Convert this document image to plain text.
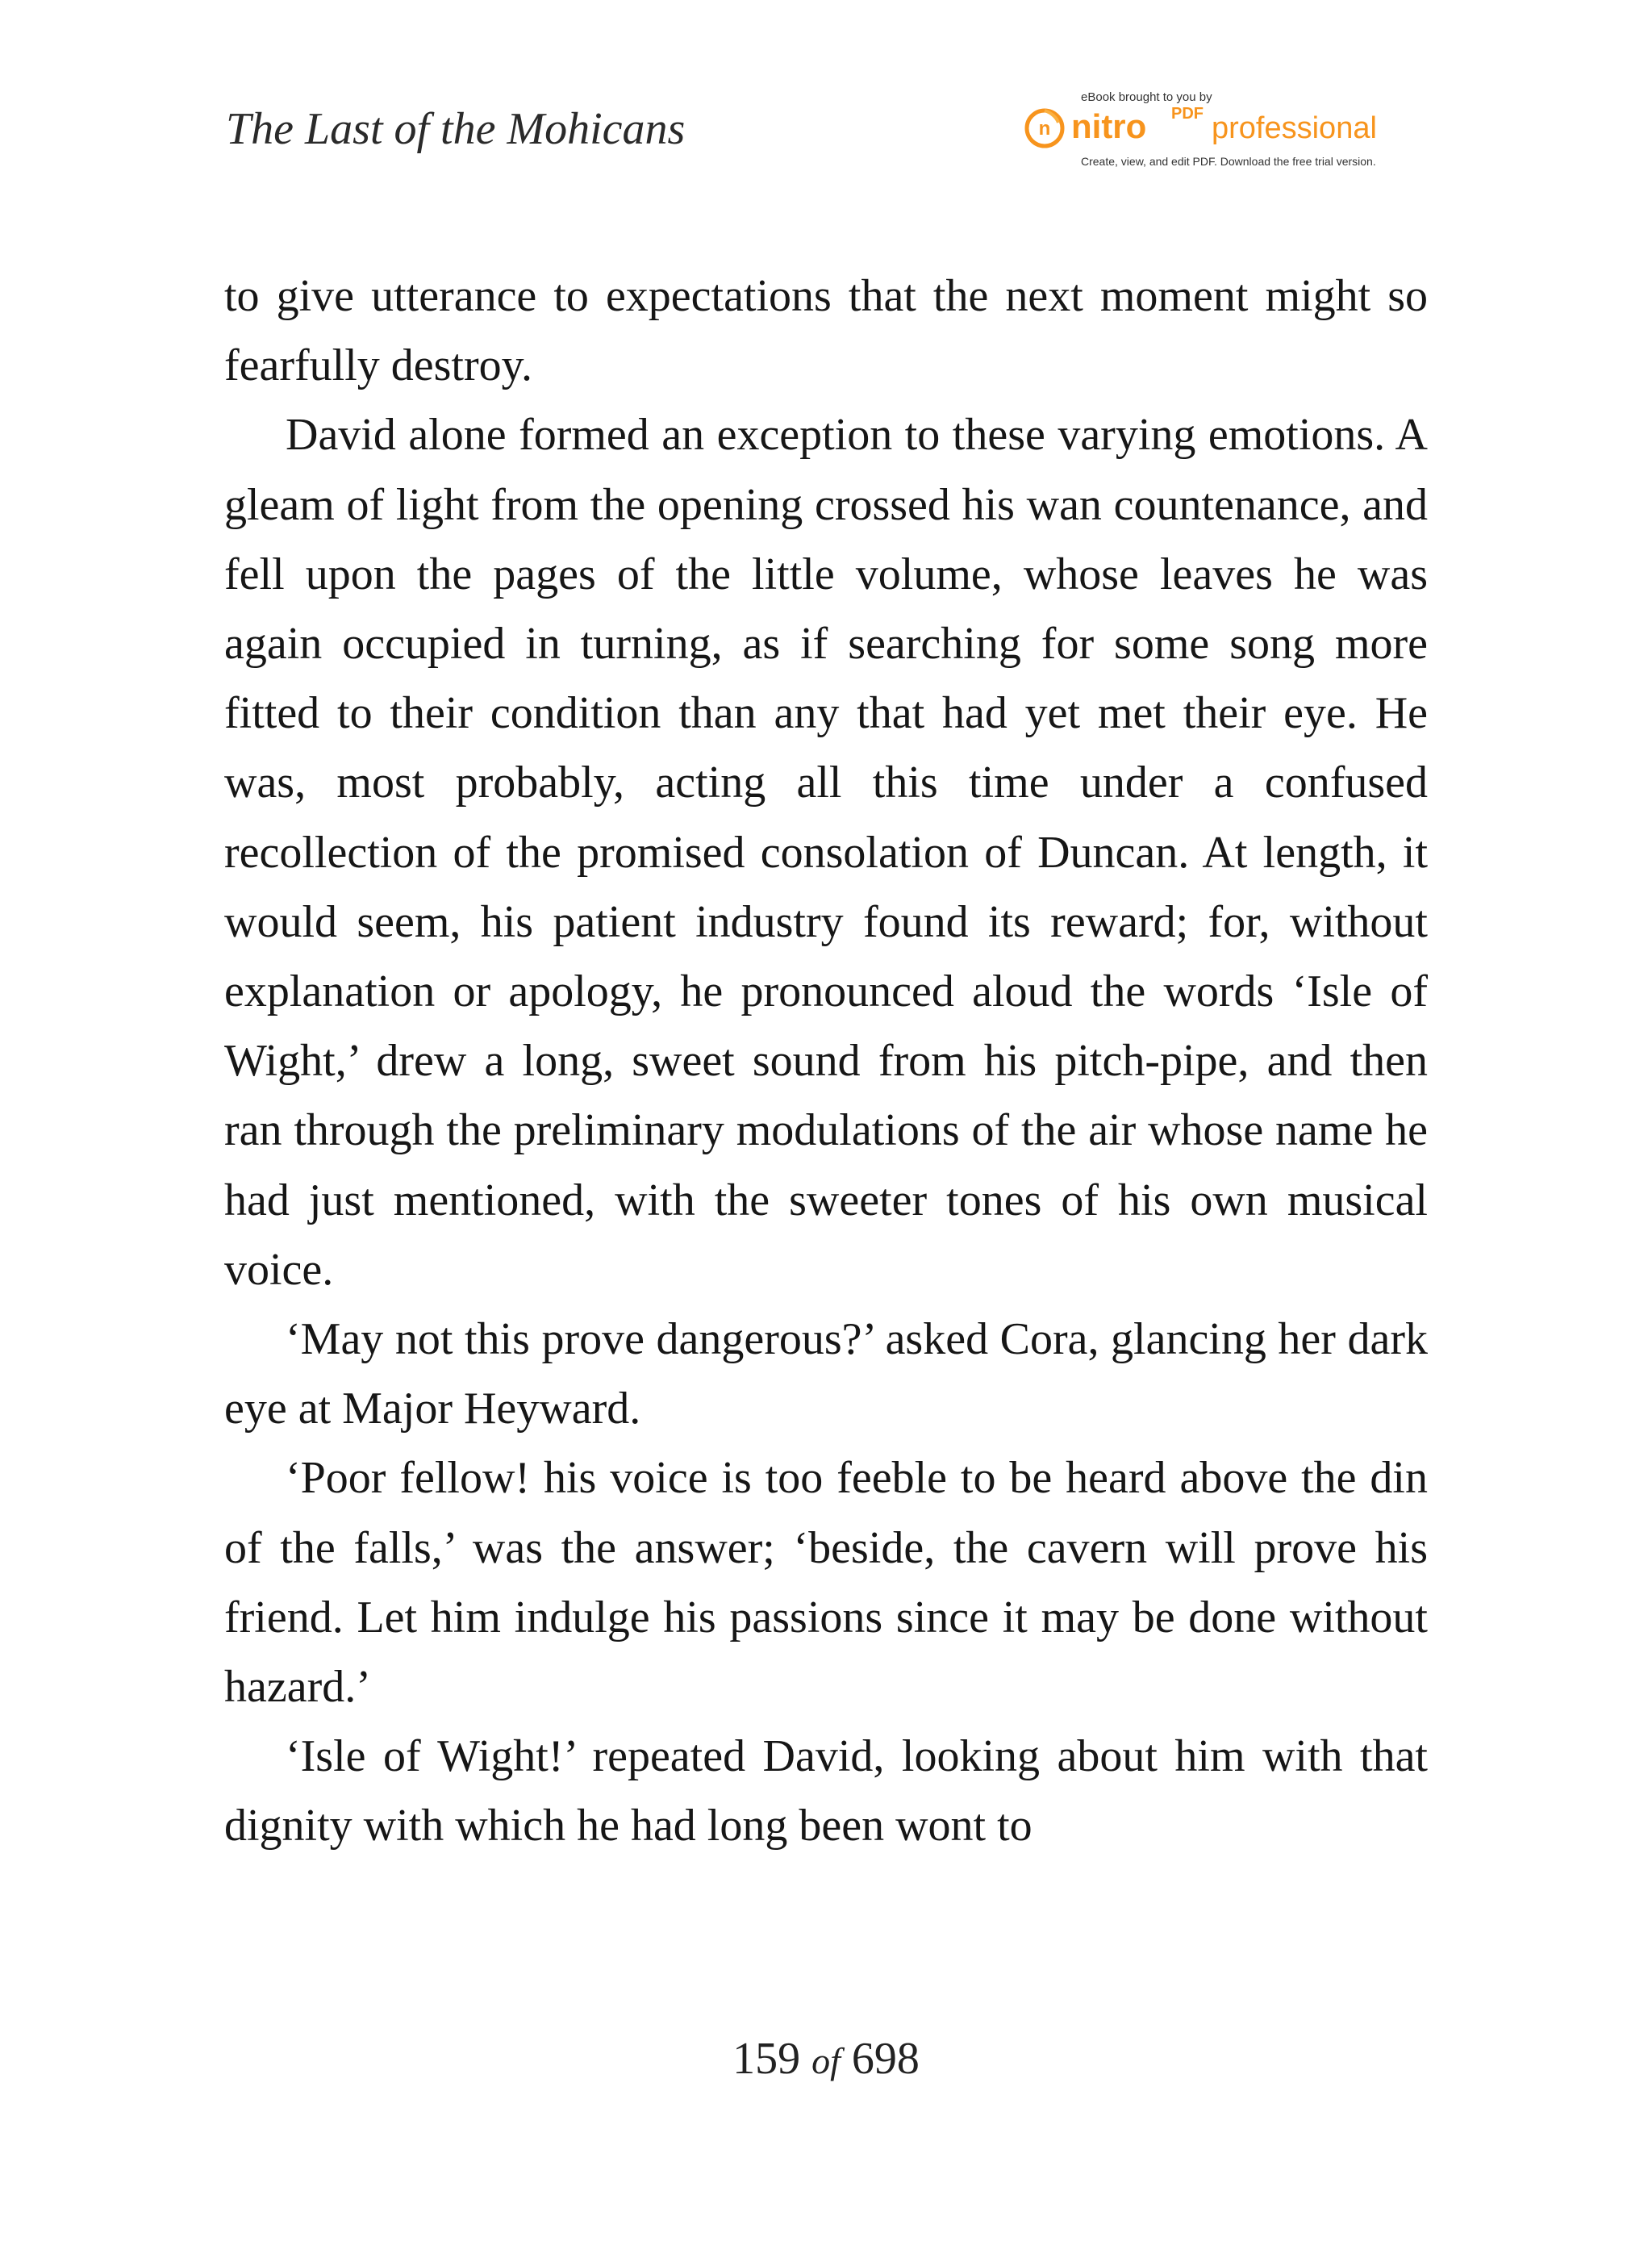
The Last of the Mohicans
eBook brought to you by
n nitro PDF professional
Create, view, and edit PDF. Download the free trial version.

to give utterance to expectations that the next moment might so fearfully destroy.

David alone formed an exception to these varying emotions. A gleam of light from the opening crossed his wan countenance, and fell upon the pages of the little volume, whose leaves he was again occupied in turning, as if searching for some song more fitted to their condition than any that had yet met their eye. He was, most probably, acting all this time under a confused recollection of the promised consolation of Duncan. At length, it would seem, his patient industry found its reward; for, without explanation or apology, he pronounced aloud the words ‘Isle of Wight,’ drew a long, sweet sound from his pitch-pipe, and then ran through the preliminary modulations of the air whose name he had just mentioned, with the sweeter tones of his own musical voice.

‘May not this prove dangerous?’ asked Cora, glancing her dark eye at Major Heyward.

‘Poor fellow! his voice is too feeble to be heard above the din of the falls,’ was the answer; ‘beside, the cavern will prove his friend. Let him indulge his passions since it may be done without hazard.’

‘Isle of Wight!’ repeated David, looking about him with that dignity with which he had long been wont to

159 of 698
